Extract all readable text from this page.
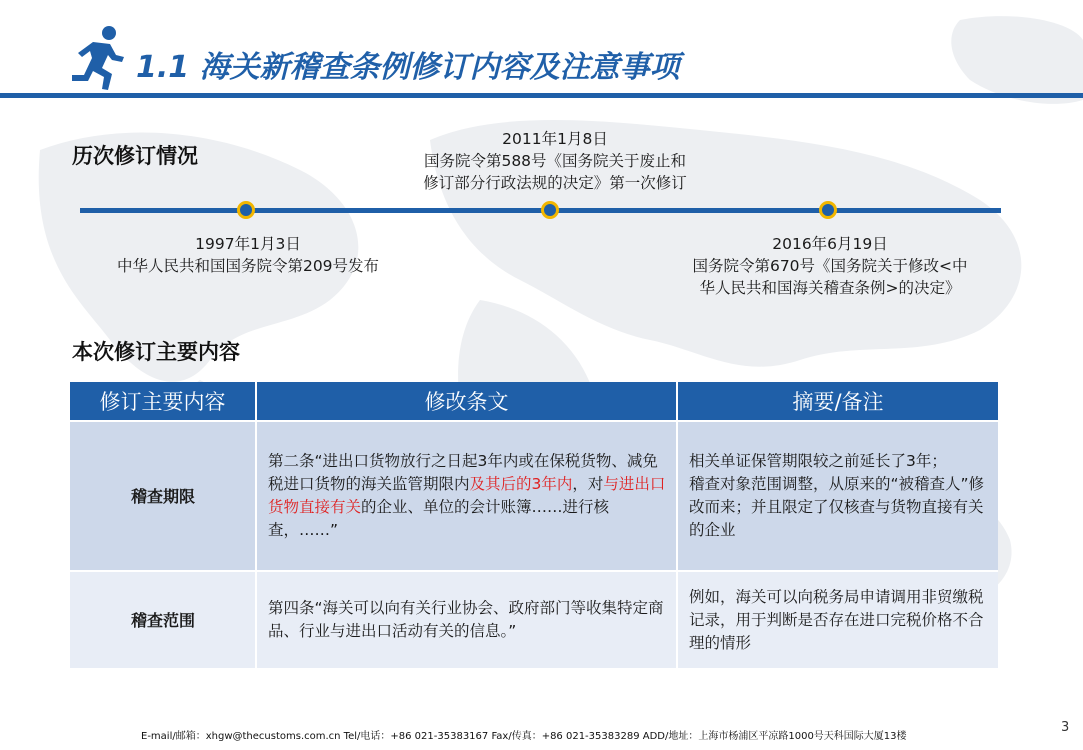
1.1 海关新稽查条例修订内容及注意事项
历次修订情况
2011年1月8日
国务院令第588号《国务院关于废止和
修订部分行政法规的决定》第一次修订
1997年1月3日
中华人民共和国国务院令第209号发布
2016年6月19日
国务院令第670号《国务院关于修改<中
华人民共和国海关稽查条例>的决定》
本次修订主要内容
修订主要内容	修改条文	摘要/备注
稽查期限	第二条“进出口货物放行之日起3年内或在保税货物、减免税进口货物的海关监管期限内及其后的3年内，对与进出口货物直接有关的企业、单位的会计账簿……进行核查，……”	相关单证保管期限较之前延长了3年；
稽查对象范围调整，从原来的“被稽查人”修改而来；并且限定了仅核查与货物直接有关的企业

稽查范围	第四条“海关可以向有关行业协会、政府部门等收集特定商品、行业与进出口活动有关的信息。”	例如，海关可以向税务局申请调用非贸缴税记录，用于判断是否存在进口完税价格不合理的情形
E-mail/邮箱：xhgw@thecustoms.com.cn Tel/电话：+86 021-35383167 Fax/传真：+86 021-35383289 ADD/地址：上海市杨浦区平凉路1000号天科国际大厦13楼
3
